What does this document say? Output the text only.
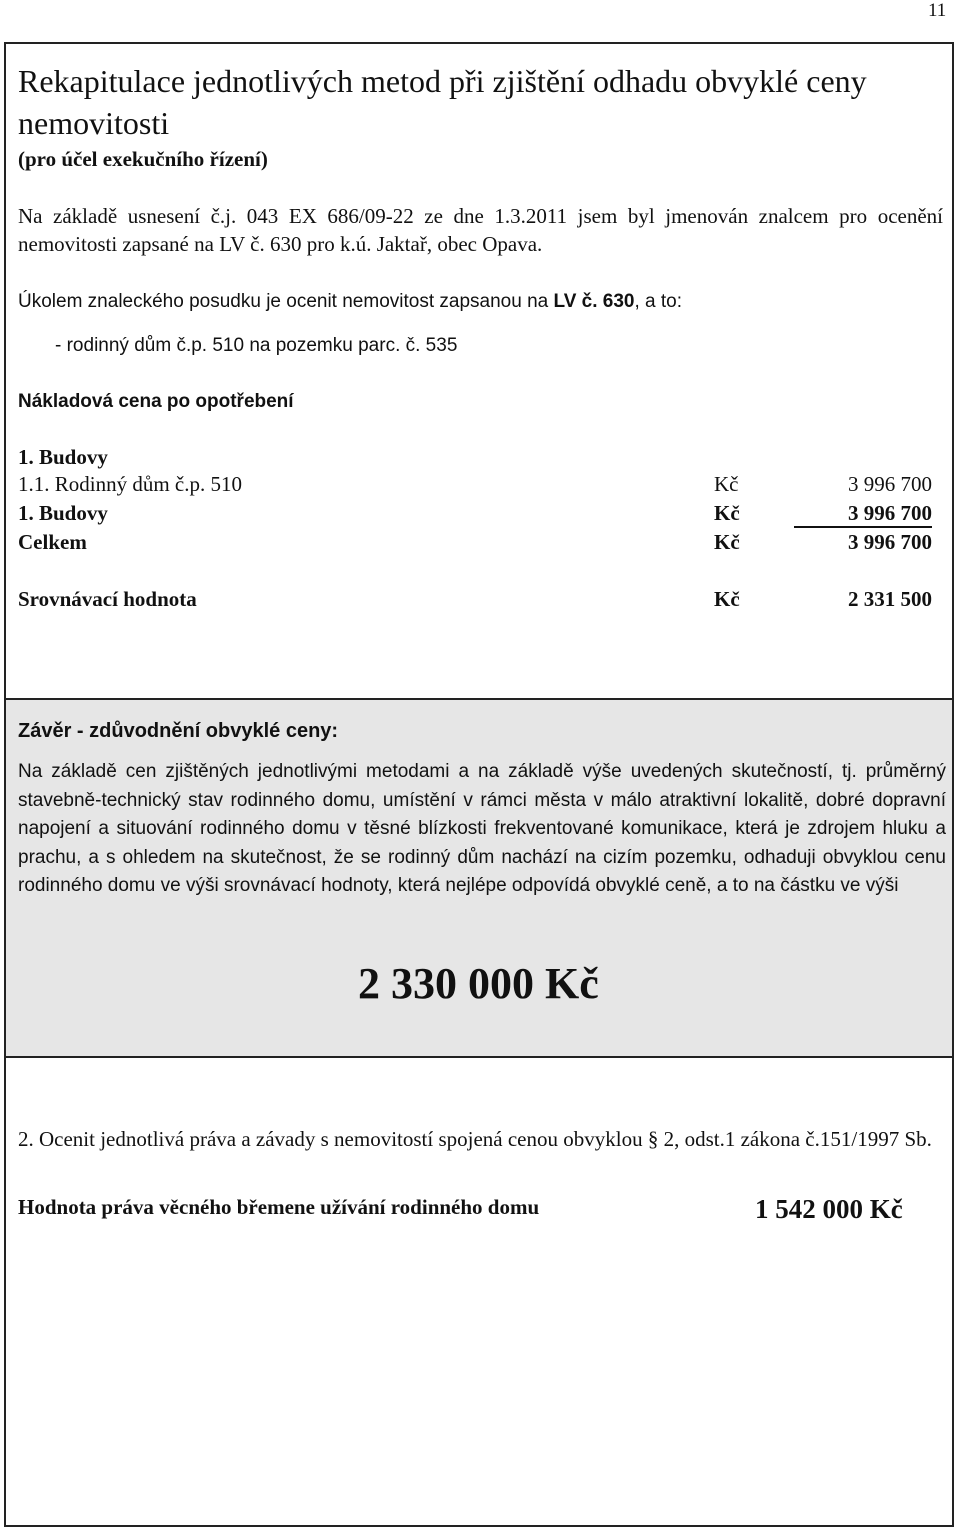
11
Rekapitulace jednotlivých metod při zjištění odhadu obvyklé ceny nemovitosti
(pro účel exekučního řízení)
Na základě usnesení č.j. 043 EX 686/09-22 ze dne 1.3.2011 jsem byl jmenován znalcem pro ocenění nemovitosti zapsané na LV č. 630 pro k.ú. Jaktař, obec Opava.
Úkolem znaleckého posudku je ocenit nemovitost zapsanou na LV č. 630, a to:
- rodinný dům č.p. 510 na pozemku parc. č. 535
Nákladová cena po opotřebení
1. Budovy
1.1. Rodinný dům č.p. 510	Kč	3 996 700
1. Budovy	Kč	3 996 700
Celkem	Kč	3 996 700
Srovnávací hodnota	Kč	2 331 500
Závěr - zdůvodnění obvyklé ceny:
Na základě cen zjištěných jednotlivými metodami a na základě výše uvedených skutečností, tj. průměrný stavebně-technický stav rodinného domu, umístění v rámci města v málo atraktivní lokalitě, dobré dopravní napojení a situování rodinného domu v těsné blízkosti frekventované komunikace, která je zdrojem hluku a prachu, a s ohledem na skutečnost, že se rodinný dům nachází na cizím pozemku, odhaduji obvyklou cenu rodinného domu ve výši srovnávací hodnoty, která nejlépe odpovídá obvyklé ceně, a to na částku ve výši
2 330 000 Kč
2. Ocenit jednotlivá práva a závady s nemovitostí spojená cenou obvyklou § 2, odst.1 zákona č.151/1997 Sb.
Hodnota práva věcného břemene užívání rodinného domu	1 542 000 Kč
